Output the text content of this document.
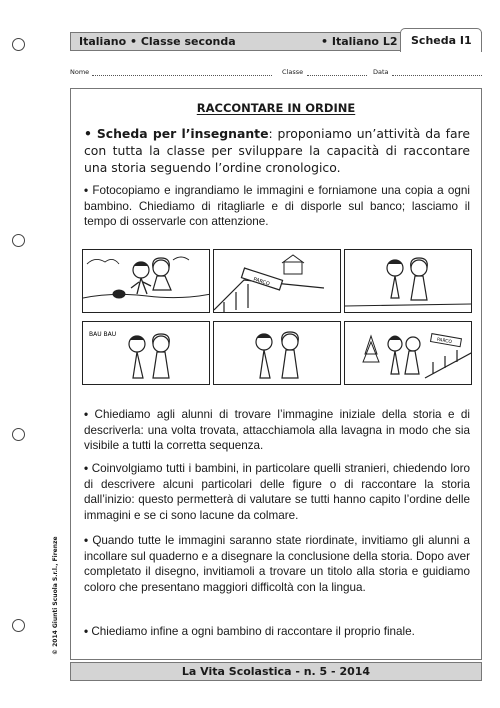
Italiano • Classe seconda	• Italiano L2 Scheda I1
Nome	Classe	Data
RACCONTARE IN ORDINE
• Scheda per l’insegnante: proponiamo un’attività da fare con tutta la classe per sviluppare la capacità di raccontare una storia seguendo l’ordine cronologico.
• Fotocopiamo e ingrandiamo le immagini e forniamone una copia a ogni bambino. Chiediamo di ritagliarle e di disporle sul banco; lasciamo il tempo di osservarle con attenzione.
PARCO
BAU BAU
PARCO
• Chiediamo agli alunni di trovare l’immagine iniziale della storia e di descriverla: una volta trovata, attacchiamola alla lavagna in modo che sia visibile a tutti la corretta sequenza.
• Coinvolgiamo tutti i bambini, in particolare quelli stranieri, chiedendo loro di descrivere alcuni particolari delle figure o di raccontare la storia dall’inizio: questo permetterà di valutare se tutti hanno capito l’ordine delle immagini e se ci sono lacune da colmare.
• Quando tutte le immagini saranno state riordinate, invitiamo gli alunni a incollare sul quaderno e a disegnare la conclusione della storia. Dopo aver completato il disegno, invitiamoli a trovare un titolo alla storia e guidiamo coloro che presentano maggiori difficoltà con la lingua.
• Chiediamo infine a ogni bambino di raccontare il proprio finale.
© 2014 Giunti Scuola S.r.l., Firenze
La Vita Scolastica - n. 5 - 2014
